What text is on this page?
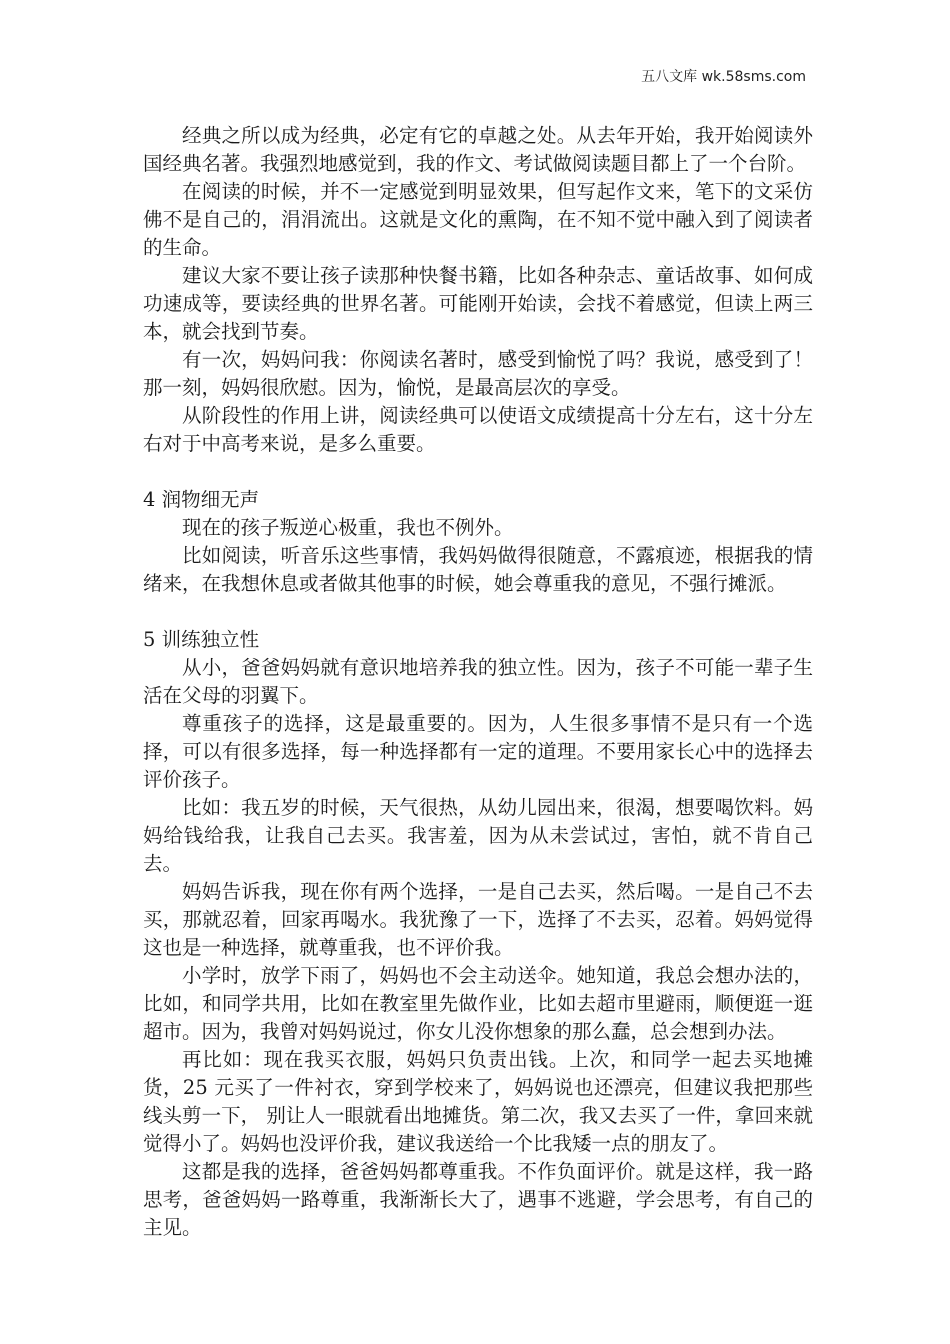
五八文库 wk.58sms.com

经典之所以成为经典，必定有它的卓越之处。从去年开始，我开始阅读外国经典名著。我强烈地感觉到，我的作文、考试做阅读题目都上了一个台阶。

在阅读的时候，并不一定感觉到明显效果，但写起作文来，笔下的文采仿佛不是自己的，涓涓流出。这就是文化的熏陶，在不知不觉中融入到了阅读者的生命。

建议大家不要让孩子读那种快餐书籍，比如各种杂志、童话故事、如何成功速成等，要读经典的世界名著。可能刚开始读，会找不着感觉，但读上两三本，就会找到节奏。

有一次，妈妈问我：你阅读名著时，感受到愉悦了吗？我说，感受到了！那一刻，妈妈很欣慰。因为，愉悦，是最高层次的享受。

从阶段性的作用上讲，阅读经典可以使语文成绩提高十分左右，这十分左右对于中高考来说，是多么重要。

4 润物细无声

现在的孩子叛逆心极重，我也不例外。

比如阅读，听音乐这些事情，我妈妈做得很随意，不露痕迹，根据我的情绪来，在我想休息或者做其他事的时候，她会尊重我的意见，不强行摊派。

5 训练独立性

从小，爸爸妈妈就有意识地培养我的独立性。因为，孩子不可能一辈子生活在父母的羽翼下。

尊重孩子的选择，这是最重要的。因为，人生很多事情不是只有一个选择，可以有很多选择，每一种选择都有一定的道理。不要用家长心中的选择去评价孩子。

比如：我五岁的时候，天气很热，从幼儿园出来，很渴，想要喝饮料。妈妈给钱给我，让我自己去买。我害羞，因为从未尝试过，害怕，就不肯自己去。

妈妈告诉我，现在你有两个选择，一是自己去买，然后喝。一是自己不去买，那就忍着，回家再喝水。我犹豫了一下，选择了不去买，忍着。妈妈觉得这也是一种选择，就尊重我，也不评价我。

小学时，放学下雨了，妈妈也不会主动送伞。她知道，我总会想办法的，比如，和同学共用，比如在教室里先做作业，比如去超市里避雨，顺便逛一逛超市。因为，我曾对妈妈说过，你女儿没你想象的那么蠢，总会想到办法。

再比如：现在我买衣服，妈妈只负责出钱。上次，和同学一起去买地摊货，25 元买了一件衬衣，穿到学校来了，妈妈说也还漂亮，但建议我把那些线头剪一下， 别让人一眼就看出地摊货。第二次，我又去买了一件，拿回来就觉得小了。妈妈也没评价我，建议我送给一个比我矮一点的朋友了。

这都是我的选择，爸爸妈妈都尊重我。不作负面评价。就是这样，我一路思考，爸爸妈妈一路尊重，我渐渐长大了，遇事不逃避，学会思考，有自己的主见。
